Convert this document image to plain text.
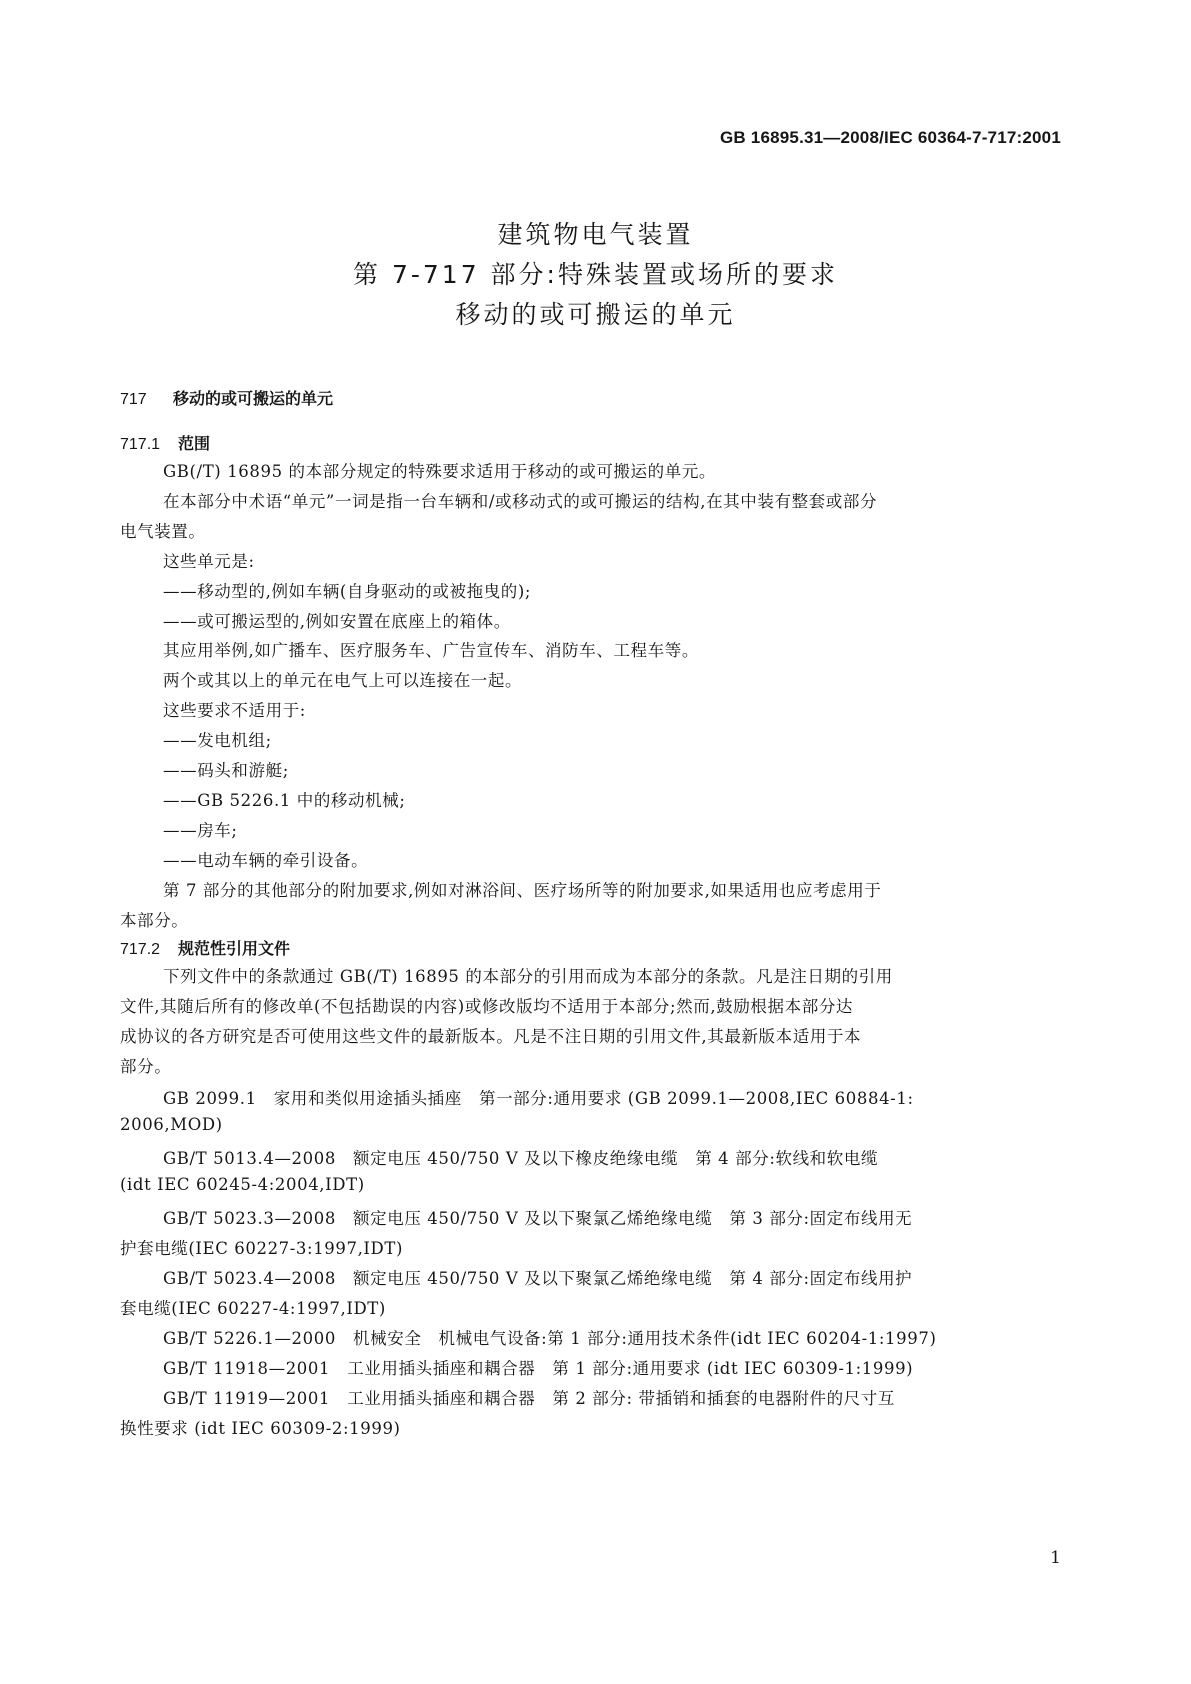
GB 16895.31—2008/IEC 60364-7-717:2001
建筑物电气装置
第 7-717 部分:特殊装置或场所的要求
移动的或可搬运的单元
717 移动的或可搬运的单元
717.1 范围
GB(/T) 16895 的本部分规定的特殊要求适用于移动的或可搬运的单元。
在本部分中术语“单元”一词是指一台车辆和/或移动式的或可搬运的结构,在其中装有整套或部分
电气装置。
这些单元是:
——移动型的,例如车辆(自身驱动的或被拖曳的);
——或可搬运型的,例如安置在底座上的箱体。
其应用举例,如广播车、医疗服务车、广告宣传车、消防车、工程车等。
两个或其以上的单元在电气上可以连接在一起。
这些要求不适用于:
——发电机组;
——码头和游艇;
——GB 5226.1 中的移动机械;
——房车;
——电动车辆的牵引设备。
第 7 部分的其他部分的附加要求,例如对淋浴间、医疗场所等的附加要求,如果适用也应考虑用于
本部分。
717.2 规范性引用文件
下列文件中的条款通过 GB(/T) 16895 的本部分的引用而成为本部分的条款。凡是注日期的引用
文件,其随后所有的修改单(不包括勘误的内容)或修改版均不适用于本部分;然而,鼓励根据本部分达
成协议的各方研究是否可使用这些文件的最新版本。凡是不注日期的引用文件,其最新版本适用于本
部分。
GB 2099.1　家用和类似用途插头插座　第一部分:通用要求 (GB 2099.1—2008,IEC 60884-1:
2006,MOD)
GB/T 5013.4—2008　额定电压 450/750 V 及以下橡皮绝缘电缆　第 4 部分:软线和软电缆
(idt IEC 60245-4:2004,IDT)
GB/T 5023.3—2008　额定电压 450/750 V 及以下聚氯乙烯绝缘电缆　第 3 部分:固定布线用无
护套电缆(IEC 60227-3:1997,IDT)
GB/T 5023.4—2008　额定电压 450/750 V 及以下聚氯乙烯绝缘电缆　第 4 部分:固定布线用护
套电缆(IEC 60227-4:1997,IDT)
GB/T 5226.1—2000　机械安全　机械电气设备:第 1 部分:通用技术条件(idt IEC 60204-1:1997)
GB/T 11918—2001　工业用插头插座和耦合器　第 1 部分:通用要求 (idt IEC 60309-1:1999)
GB/T 11919—2001　工业用插头插座和耦合器　第 2 部分: 带插销和插套的电器附件的尺寸互
换性要求 (idt IEC 60309-2:1999)
1
